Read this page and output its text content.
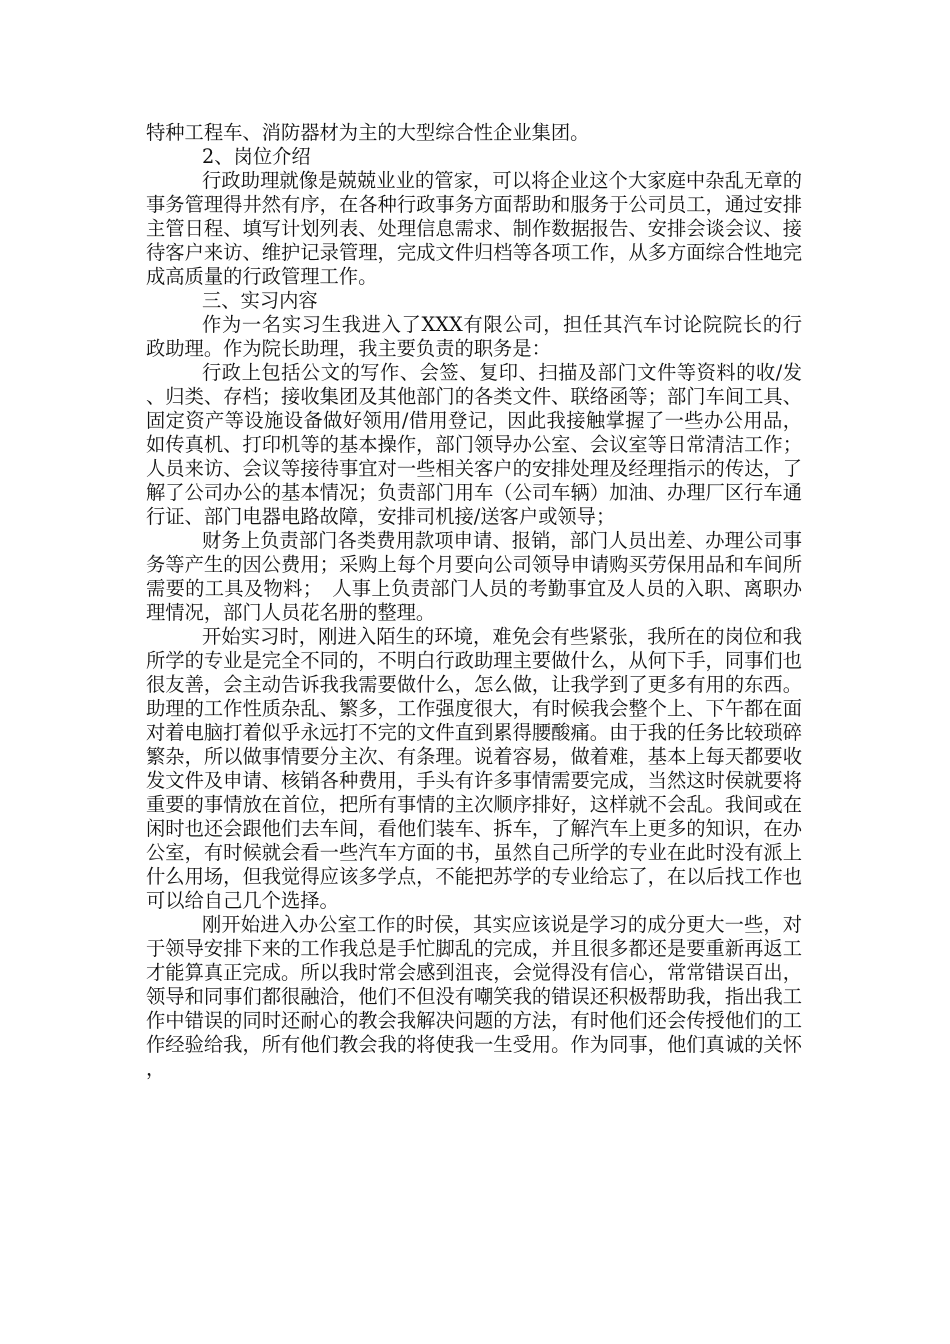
特种工程车、消防器材为主的大型综合性企业集团。

2、岗位介绍

行政助理就像是兢兢业业的管家，可以将企业这个大家庭中杂乱无章的事务管理得井然有序，在各种行政事务方面帮助和服务于公司员工，通过安排主管日程、填写计划列表、处理信息需求、制作数据报告、安排会谈会议、接待客户来访、维护记录管理，完成文件归档等各项工作，从多方面综合性地完成高质量的行政管理工作。

三、实习内容

作为一名实习生我进入了XXX有限公司，担任其汽车讨论院院长的行政助理。作为院长助理，我主要负责的职务是：

行政上包括公文的写作、会签、复印、扫描及部门文件等资料的收/发、归类、存档；接收集团及其他部门的各类文件、联络函等；部门车间工具、固定资产等设施设备做好领用/借用登记，因此我接触掌握了一些办公用品，如传真机、打印机等的基本操作，部门领导办公室、会议室等日常清洁工作；人员来访、会议等接待事宜对一些相关客户的安排处理及经理指示的传达，了解了公司办公的基本情况；负责部门用车（公司车辆）加油、办理厂区行车通行证、部门电器电路故障，安排司机接/送客户或领导；

财务上负责部门各类费用款项申请、报销，部门人员出差、办理公司事务等产生的因公费用；采购上每个月要向公司领导申请购买劳保用品和车间所需要的工具及物料；　人事上负责部门人员的考勤事宜及人员的入职、离职办理情况，部门人员花名册的整理。

开始实习时，刚进入陌生的环境，难免会有些紧张，我所在的岗位和我所学的专业是完全不同的，不明白行政助理主要做什么，从何下手，同事们也很友善，会主动告诉我我需要做什么，怎么做，让我学到了更多有用的东西。助理的工作性质杂乱、繁多，工作强度很大，有时候我会整个上、下午都在面对着电脑打着似乎永远打不完的文件直到累得腰酸痛。由于我的任务比较琐碎繁杂，所以做事情要分主次、有条理。说着容易，做着难，基本上每天都要收发文件及申请、核销各种费用，手头有许多事情需要完成，当然这时侯就要将重要的事情放在首位，把所有事情的主次顺序排好，这样就不会乱。我间或在闲时也还会跟他们去车间，看他们装车、拆车，了解汽车上更多的知识，在办公室，有时候就会看一些汽车方面的书，虽然自己所学的专业在此时没有派上什么用场，但我觉得应该多学点，不能把苏学的专业给忘了，在以后找工作也可以给自己几个选择。

刚开始进入办公室工作的时侯，其实应该说是学习的成分更大一些，对于领导安排下来的工作我总是手忙脚乱的完成，并且很多都还是要重新再返工才能算真正完成。所以我时常会感到沮丧，会觉得没有信心，常常错误百出，领导和同事们都很融洽，他们不但没有嘲笑我的错误还积极帮助我，指出我工作中错误的同时还耐心的教会我解决问题的方法，有时他们还会传授他们的工作经验给我，所有他们教会我的将使我一生受用。作为同事，他们真诚的关怀，
